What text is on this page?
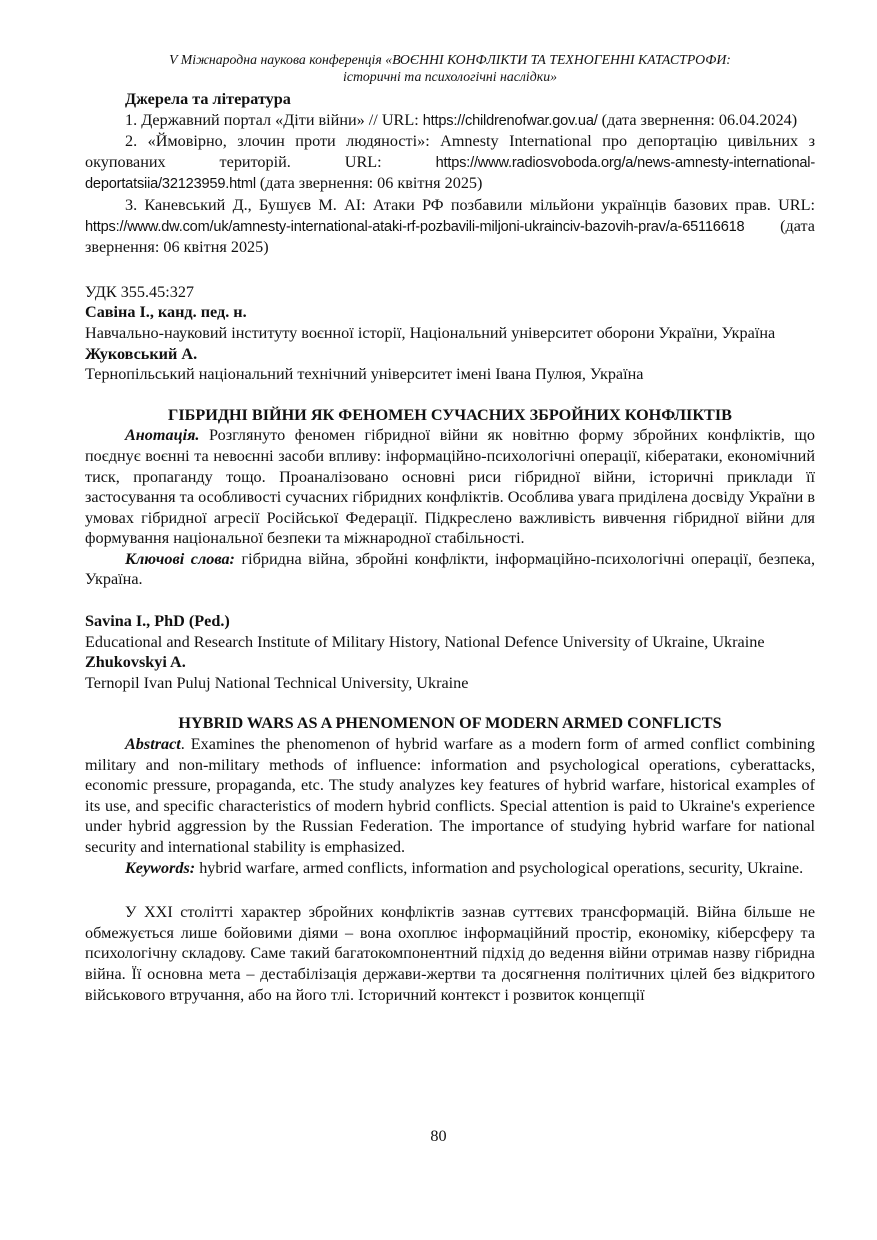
V Міжнародна наукова конференція «ВОЄННІ КОНФЛІКТИ ТА ТЕХНОГЕННІ КАТАСТРОФИ:
історичні та психологічні наслідки»

Джерела та література

1. Державний портал «Діти війни» // URL: https://childrenofwar.gov.ua/ (дата звернення: 06.04.2024)

2. «Ймовірно, злочин проти людяності»: Amnesty International про депортацію цивільних з окупованих територій. URL: https://www.radiosvoboda.org/a/news-amnesty-international-deportatsiia/32123959.html (дата звернення: 06 квітня 2025)

3. Каневський Д., Бушуєв М. AI: Атаки РФ позбавили мільйони українців базових прав. URL: https://www.dw.com/uk/amnesty-international-ataki-rf-pozbavili-miljoni-ukrainciv-bazovih-prav/a-65116618 (дата звернення: 06 квітня 2025)

УДК 355.45:327

Савіна І., канд. пед. н.

Навчально-науковий інституту воєнної історії, Національний університет оборони України, Україна

Жуковський А.

Тернопільський національний технічний університет імені Івана Пулюя, Україна

ГІБРИДНІ ВІЙНИ ЯК ФЕНОМЕН СУЧАСНИХ ЗБРОЙНИХ КОНФЛІКТІВ

Анотація. Розглянуто феномен гібридної війни як новітню форму збройних конфліктів, що поєднує воєнні та невоєнні засоби впливу: інформаційно-психологічні операції, кібератаки, економічний тиск, пропаганду тощо. Проаналізовано основні риси гібридної війни, історичні приклади її застосування та особливості сучасних гібридних конфліктів. Особлива увага приділена досвіду України в умовах гібридної агресії Російської Федерації. Підкреслено важливість вивчення гібридної війни для формування національної безпеки та міжнародної стабільності.

Ключові слова: гібридна війна, збройні конфлікти, інформаційно-психологічні операції, безпека, Україна.

Savina I., PhD (Ped.)

Educational and Research Institute of Military History, National Defence University of Ukraine, Ukraine

Zhukovskyi A.

Ternopil Ivan Puluj National Technical University, Ukraine

HYBRID WARS AS A PHENOMENON OF MODERN ARMED CONFLICTS

Abstract. Examines the phenomenon of hybrid warfare as a modern form of armed conflict combining military and non-military methods of influence: information and psychological operations, cyberattacks, economic pressure, propaganda, etc. The study analyzes key features of hybrid warfare, historical examples of its use, and specific characteristics of modern hybrid conflicts. Special attention is paid to Ukraine's experience under hybrid aggression by the Russian Federation. The importance of studying hybrid warfare for national security and international stability is emphasized.

Keywords: hybrid warfare, armed conflicts, information and psychological operations, security, Ukraine.

У XXI столітті характер збройних конфліктів зазнав суттєвих трансформацій. Війна більше не обмежується лише бойовими діями – вона охоплює інформаційний простір, економіку, кіберсферу та психологічну складову. Саме такий багатокомпонентний підхід до ведення війни отримав назву гібридна війна. Її основна мета – дестабілізація держави-жертви та досягнення політичних цілей без відкритого військового втручання, або на його тлі. Історичний контекст і розвиток концепції

80
